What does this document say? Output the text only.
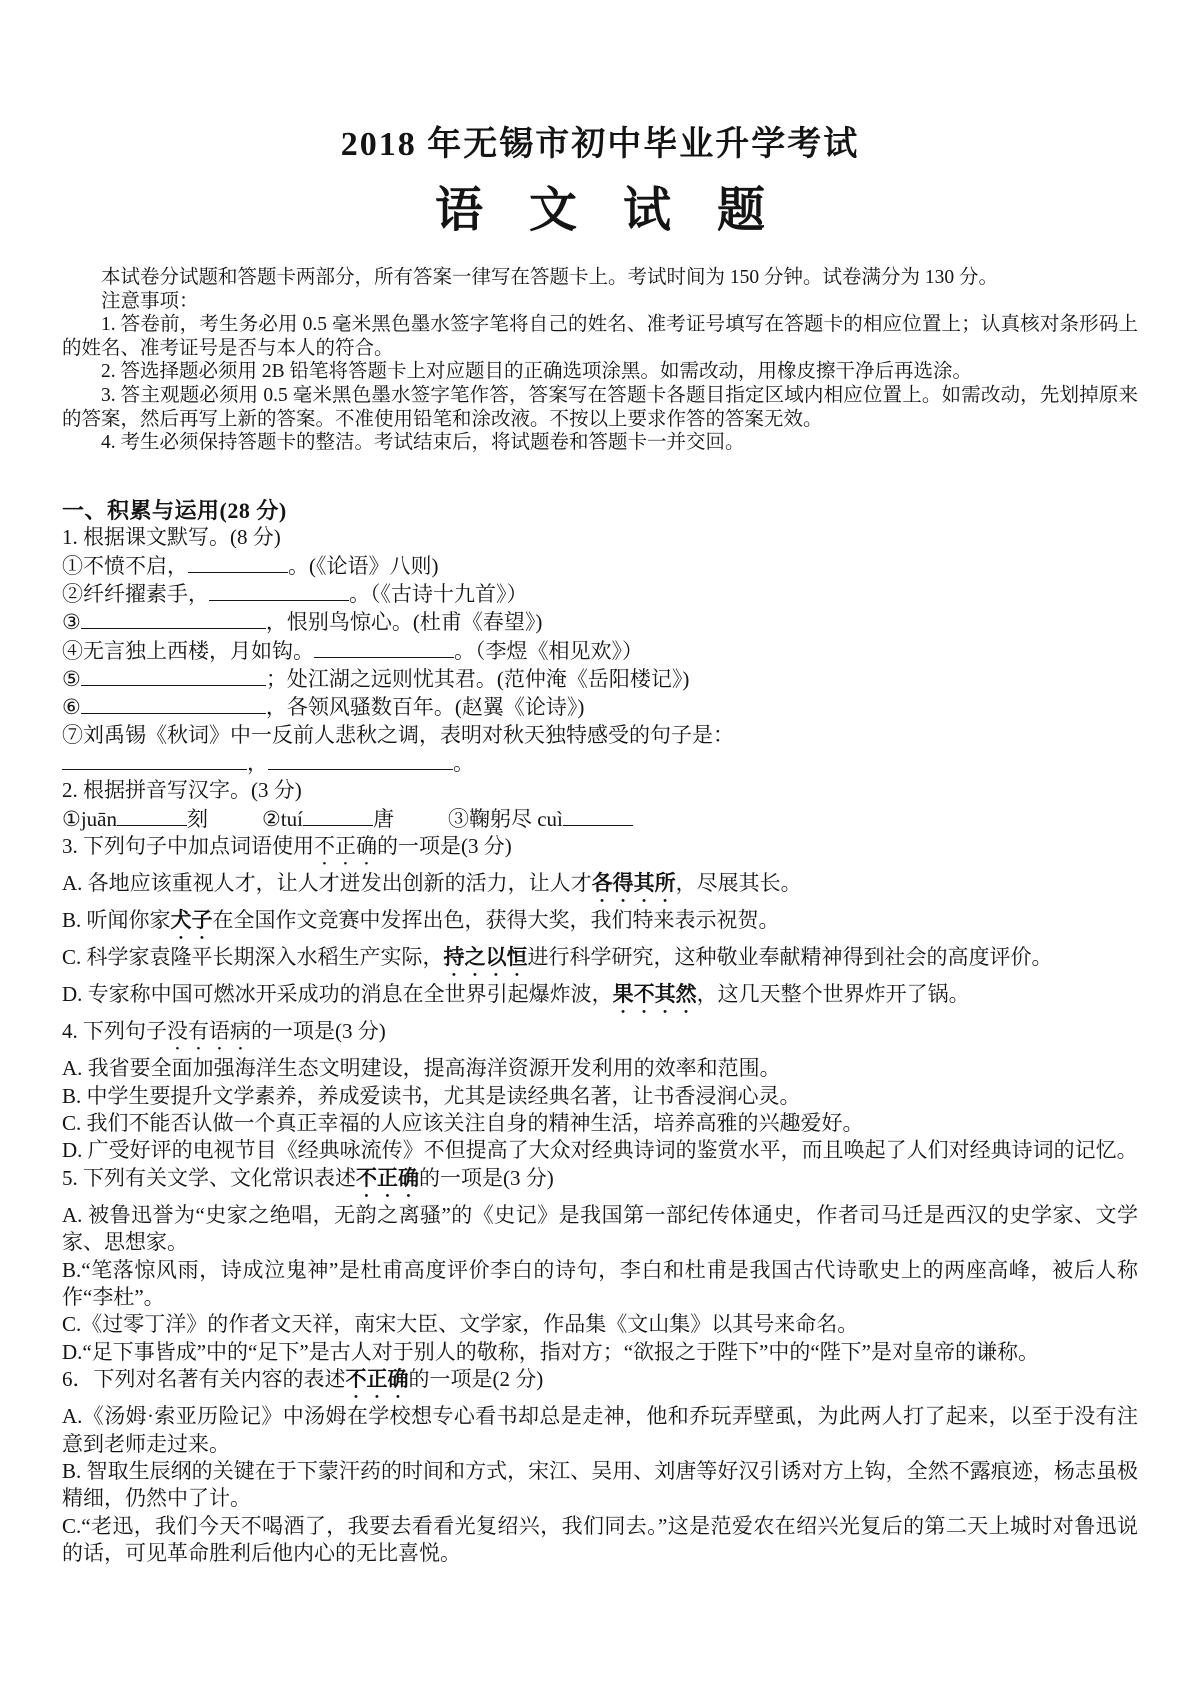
2018 年无锡市初中毕业升学考试
语 文 试 题

本试卷分试题和答题卡两部分，所有答案一律写在答题卡上。考试时间为 150 分钟。试卷满分为 130 分。

注意事项：

1. 答卷前，考生务必用 0.5 毫米黑色墨水签字笔将自己的姓名、准考证号填写在答题卡的相应位置上；认真核对条形码上的姓名、准考证号是否与本人的符合。

2. 答选择题必须用 2B 铅笔将答题卡上对应题目的正确选项涂黑。如需改动，用橡皮擦干净后再选涂。

3. 答主观题必须用 0.5 毫米黑色墨水签字笔作答，答案写在答题卡各题目指定区域内相应位置上。如需改动，先划掉原来的答案，然后再写上新的答案。不准使用铅笔和涂改液。不按以上要求作答的答案无效。

4. 考生必须保持答题卡的整洁。考试结束后，将试题卷和答题卡一并交回。

一、积累与运用(28 分)

1. 根据课文默写。(8 分)

①不愤不启，	。(《论语》八则)

②纤纤擢素手，	。（《古诗十九首》）

③	，恨别鸟惊心。(杜甫《春望》)

④无言独上西楼，月如钩。	。（李煜《相见欢》）

⑤	；处江湖之远则忧其君。(范仲淹《岳阳楼记》)

⑥	，各领风骚数百年。(赵翼《论诗》)

⑦刘禹锡《秋词》中一反前人悲秋之调，表明对秋天独特感受的句子是：

，	。

2. 根据拼音写汉字。(3 分)

①juān	刻	②tuí	唐	③鞠躬尽 cuì

3. 下列句子中加点词语使用不正确的一项是(3 分)

A. 各地应该重视人才，让人才迸发出创新的活力，让人才各得其所，尽展其长。

B. 听闻你家犬子在全国作文竞赛中发挥出色，获得大奖，我们特来表示祝贺。

C. 科学家袁隆平长期深入水稻生产实际，持之以恒进行科学研究，这种敬业奉献精神得到社会的高度评价。

D. 专家称中国可燃冰开采成功的消息在全世界引起爆炸波，果不其然，这几天整个世界炸开了锅。

4. 下列句子没有语病的一项是(3 分)

A. 我省要全面加强海洋生态文明建设，提高海洋资源开发利用的效率和范围。

B. 中学生要提升文学素养，养成爱读书，尤其是读经典名著，让书香浸润心灵。

C. 我们不能否认做一个真正幸福的人应该关注自身的精神生活，培养高雅的兴趣爱好。

D. 广受好评的电视节目《经典咏流传》不但提高了大众对经典诗词的鉴赏水平，而且唤起了人们对经典诗词的记忆。

5. 下列有关文学、文化常识表述不正确的一项是(3 分)

A. 被鲁迅誉为“史家之绝唱，无韵之离骚”的《史记》是我国第一部纪传体通史，作者司马迁是西汉的史学家、文学家、思想家。

B.“笔落惊风雨，诗成泣鬼神”是杜甫高度评价李白的诗句，李白和杜甫是我国古代诗歌史上的两座高峰，被后人称作“李杜”。

C.《过零丁洋》的作者文天祥，南宋大臣、文学家，作品集《文山集》以其号来命名。

D.“足下事皆成”中的“足下”是古人对于别人的敬称，指对方；“欲报之于陛下”中的“陛下”是对皇帝的谦称。

6．下列对名著有关内容的表述不正确的一项是(2 分)

A.《汤姆·索亚历险记》中汤姆在学校想专心看书却总是走神，他和乔玩弄壁虱，为此两人打了起来，以至于没有注意到老师走过来。

B. 智取生辰纲的关键在于下蒙汗药的时间和方式，宋江、吴用、刘唐等好汉引诱对方上钩，全然不露痕迹，杨志虽极精细，仍然中了计。

C.“老迅，我们今天不喝酒了，我要去看看光复绍兴，我们同去。”这是范爱农在绍兴光复后的第二天上城时对鲁迅说的话，可见革命胜利后他内心的无比喜悦。
